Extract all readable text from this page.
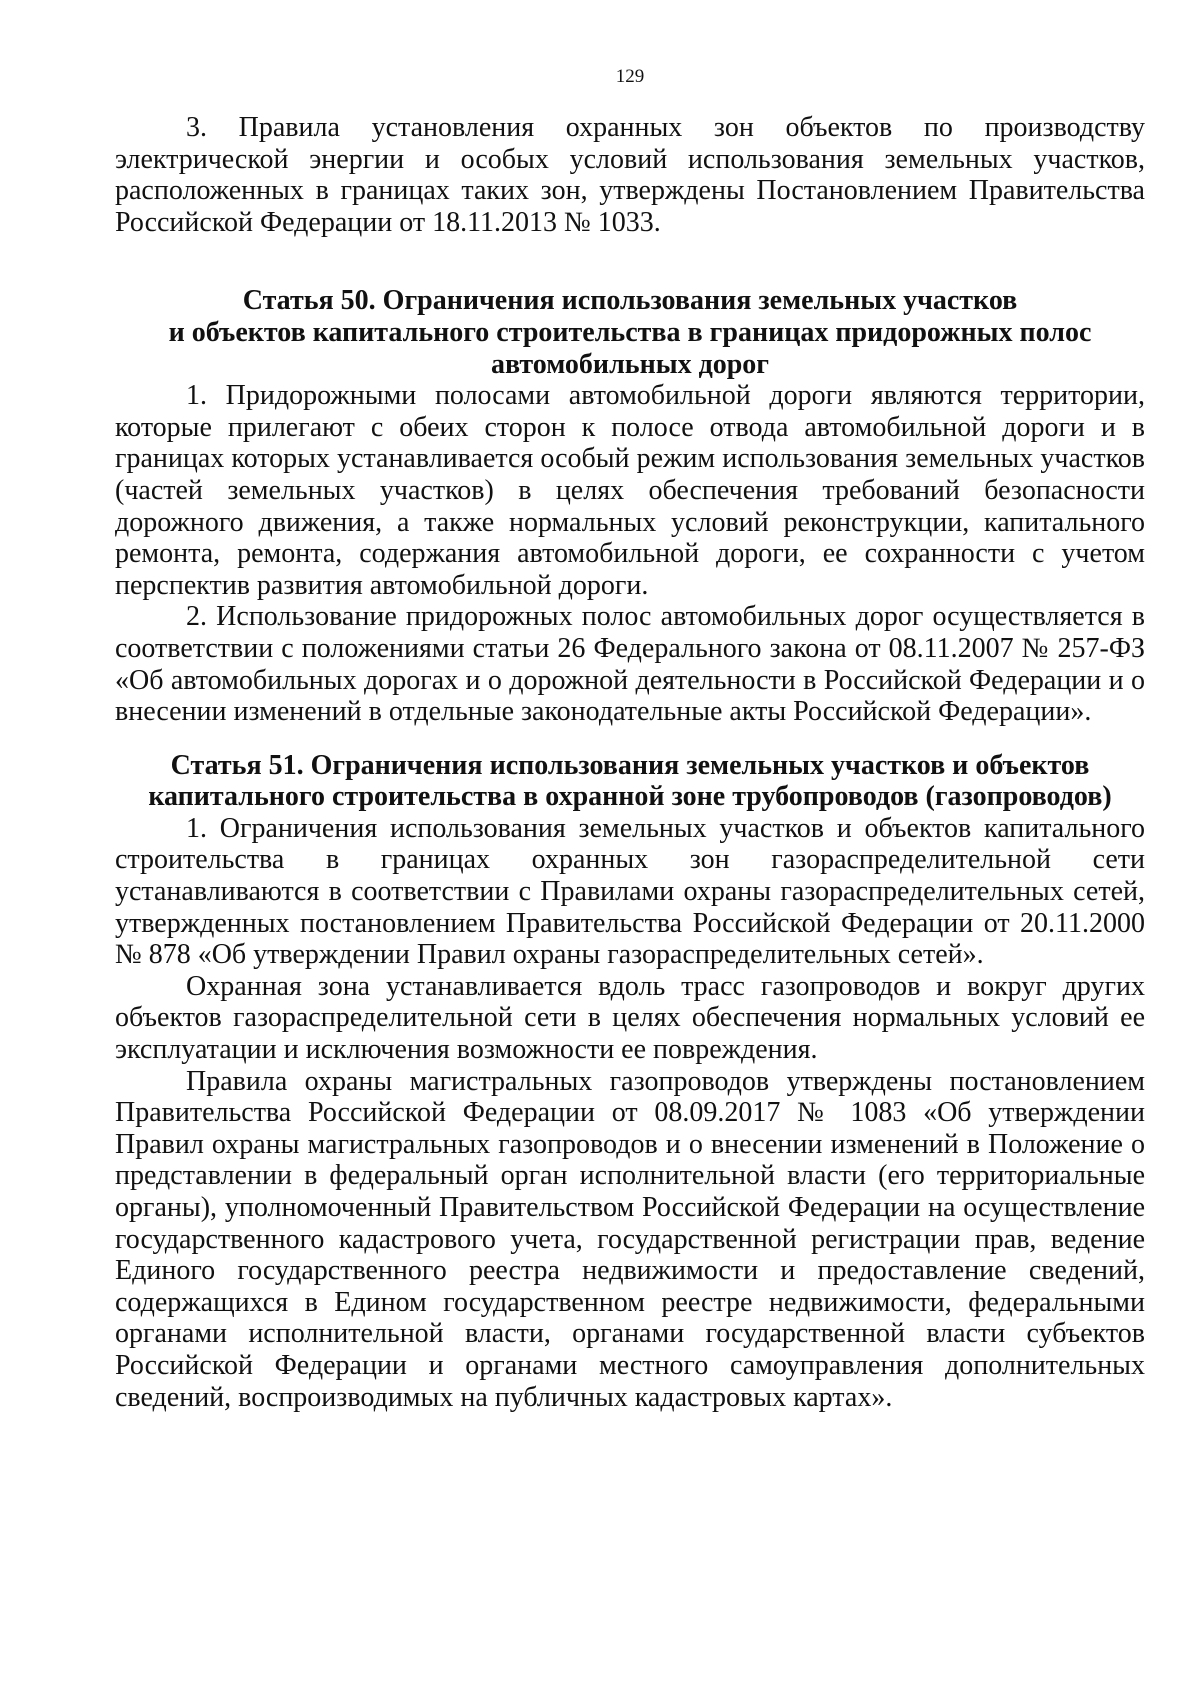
129

3. Правила установления охранных зон объектов по производству электрической энергии и особых условий использования земельных участков, расположенных в границах таких зон, утверждены Постановлением Правительства Российской Федерации от 18.11.2013 № 1033.

Статья 50. Ограничения использования земельных участков
и объектов капитального строительства в границах придорожных полос
автомобильных дорог

1. Придорожными полосами автомобильной дороги являются территории, которые прилегают с обеих сторон к полосе отвода автомобильной дороги и в границах которых устанавливается особый режим использования земельных участков (частей земельных участков) в целях обеспечения требований безопасности дорожного движения, а также нормальных условий реконструкции, капитального ремонта, ремонта, содержания автомобильной дороги, ее сохранности с учетом перспектив развития автомобильной дороги.

2. Использование придорожных полос автомобильных дорог осуществляется в соответствии с положениями статьи 26 Федерального закона от 08.11.2007 № 257-ФЗ «Об автомобильных дорогах и о дорожной деятельности в Российской Федерации и о внесении изменений в отдельные законодательные акты Российской Федерации».

Статья 51. Ограничения использования земельных участков и объектов
капитального строительства в охранной зоне трубопроводов (газопроводов)

1. Ограничения использования земельных участков и объектов капитального строительства в границах охранных зон газораспределительной сети устанавливаются в соответствии с Правилами охраны газораспределительных сетей, утвержденных постановлением Правительства Российской Федерации от 20.11.2000 № 878 «Об утверждении Правил охраны газораспределительных сетей».

Охранная зона устанавливается вдоль трасс газопроводов и вокруг других объектов газораспределительной сети в целях обеспечения нормальных условий ее эксплуатации и исключения возможности ее повреждения.

Правила охраны магистральных газопроводов утверждены постановлением Правительства Российской Федерации от 08.09.2017 № 1083 «Об утверждении Правил охраны магистральных газопроводов и о внесении изменений в Положение о представлении в федеральный орган исполнительной власти (его территориальные органы), уполномоченный Правительством Российской Федерации на осуществление государственного кадастрового учета, государственной регистрации прав, ведение Единого государственного реестра недвижимости и предоставление сведений, содержащихся в Едином государственном реестре недвижимости, федеральными органами исполнительной власти, органами государственной власти субъектов Российской Федерации и органами местного самоуправления дополнительных сведений, воспроизводимых на публичных кадастровых картах».
